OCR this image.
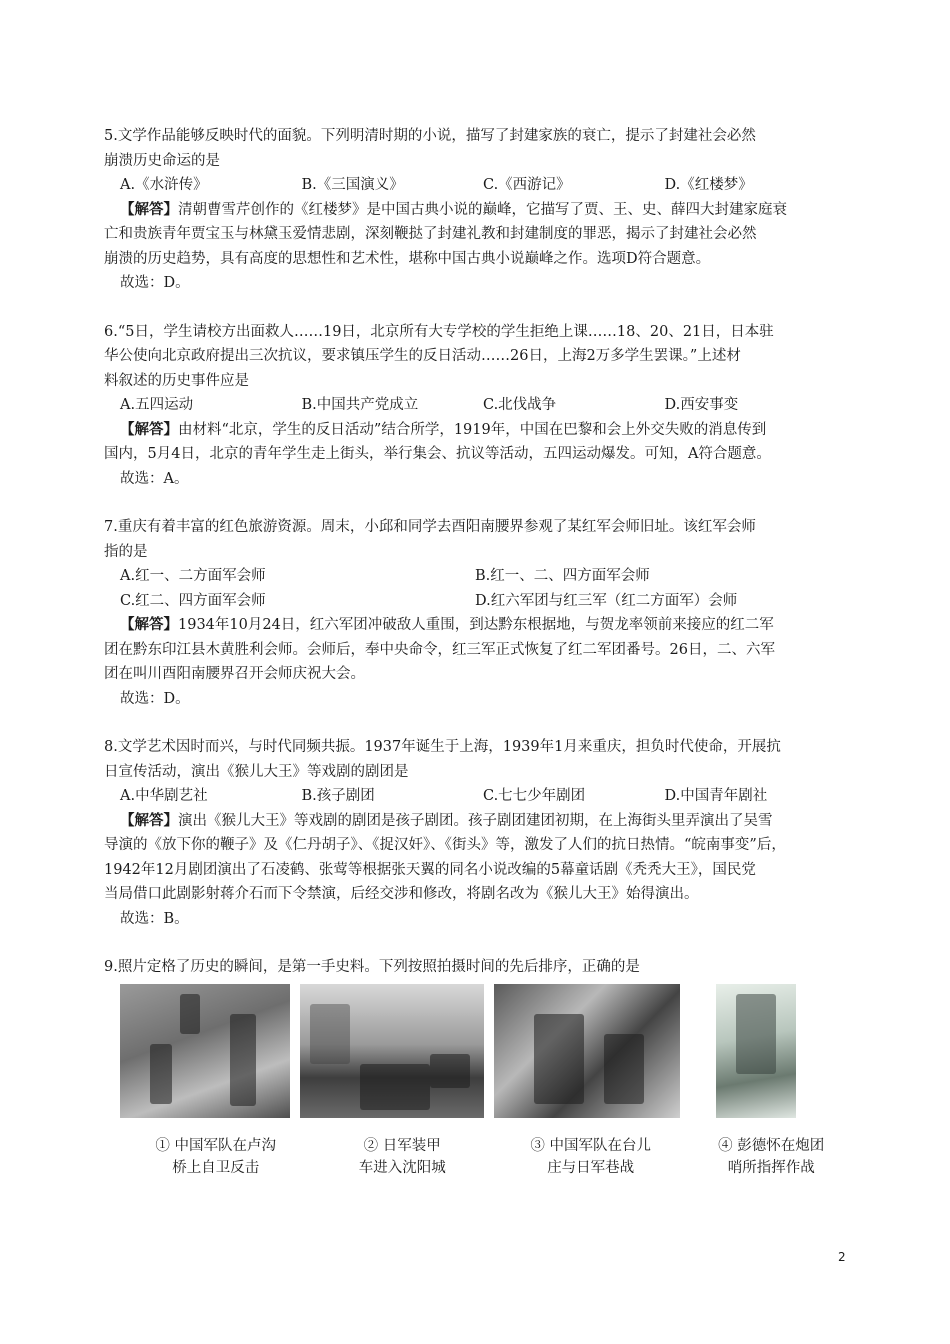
5.文学作品能够反映时代的面貌。下列明清时期的小说，描写了封建家族的衰亡，提示了封建社会必然

崩溃历史命运的是

A.《水浒传》	B.《三国演义》	C.《西游记》	D.《红楼梦》

【解答】清朝曹雪芹创作的《红楼梦》是中国古典小说的巅峰，它描写了贾、王、史、薛四大封建家庭衰

亡和贵族青年贾宝玉与林黛玉爱情悲剧，深刻鞭挞了封建礼教和封建制度的罪恶，揭示了封建社会必然

崩溃的历史趋势，具有高度的思想性和艺术性，堪称中国古典小说巅峰之作。选项D符合题意。

故选：D。

6.“5日，学生请校方出面救人……19日，北京所有大专学校的学生拒绝上课……18、20、21日，日本驻

华公使向北京政府提出三次抗议，要求镇压学生的反日活动……26日，上海2万多学生罢课。”上述材

料叙述的历史事件应是

A.五四运动	B.中国共产党成立	C.北伐战争	D.西安事变

【解答】由材料“北京，学生的反日活动”结合所学，1919年，中国在巴黎和会上外交失败的消息传到

国内，5月4日，北京的青年学生走上街头，举行集会、抗议等活动，五四运动爆发。可知，A符合题意。

故选：A。

7.重庆有着丰富的红色旅游资源。周末，小邱和同学去酉阳南腰界参观了某红军会师旧址。该红军会师

指的是

A.红一、二方面军会师	B.红一、二、四方面军会师
C.红二、四方面军会师	D.红六军团与红三军（红二方面军）会师

【解答】1934年10月24日，红六军团冲破敌人重围，到达黔东根据地，与贺龙率领前来接应的红二军

团在黔东印江县木黄胜利会师。会师后，奉中央命令，红三军正式恢复了红二军团番号。26日，二、六军

团在叫川酉阳南腰界召开会师庆祝大会。

故选：D。

8.文学艺术因时而兴，与时代同频共振。1937年诞生于上海，1939年1月来重庆，担负时代使命，开展抗

日宣传活动，演出《猴儿大王》等戏剧的剧团是

A.中华剧艺社	B.孩子剧团	C.七七少年剧团	D.中国青年剧社

【解答】演出《猴儿大王》等戏剧的剧团是孩子剧团。孩子剧团建团初期，在上海街头里弄演出了吴雪

导演的《放下你的鞭子》及《仁丹胡子》、《捉汉奸》、《街头》等，激发了人们的抗日热情。“皖南事变”后，

1942年12月剧团演出了石凌鹤、张莺等根据张天翼的同名小说改编的5幕童话剧《秃秃大王》，国民党

当局借口此剧影射蒋介石而下令禁演，后经交涉和修改，将剧名改为《猴儿大王》始得演出。

故选：B。

9.照片定格了历史的瞬间，是第一手史料。下列按照拍摄时间的先后排序，正确的是

① 中国军队在卢沟
桥上自卫反击
② 日军装甲
车进入沈阳城
③ 中国军队在台儿
庄与日军巷战
④ 彭德怀在炮团
哨所指挥作战
2
